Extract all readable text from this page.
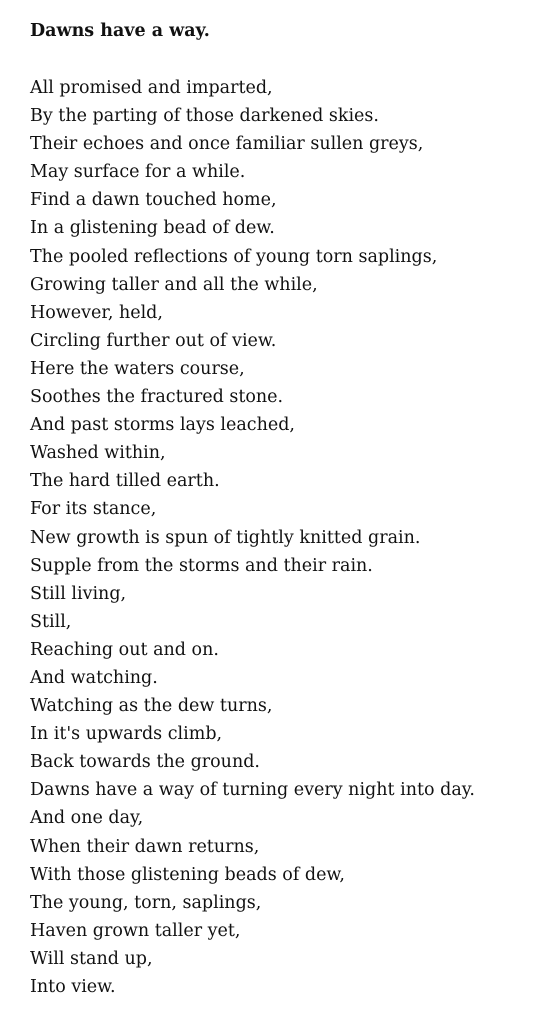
Dawns have a way.
All promised and imparted,
By the parting of those darkened skies.
Their echoes and once familiar sullen greys,
May surface for a while.
Find a dawn touched home,
In a glistening bead of dew.
The pooled reflections of young torn saplings,
Growing taller and all the while,
However, held,
Circling further out of view.
Here the waters course,
Soothes the fractured stone.
And past storms lays leached,
Washed within,
The hard tilled earth.
For its stance,
New growth is spun of tightly knitted grain.
Supple from the storms and their rain.
Still living,
Still,
Reaching out and on.
And watching.
Watching as the dew turns,
In it's upwards climb,
Back towards the ground.
Dawns have a way of turning every night into day.
And one day,
When their dawn returns,
With those glistening beads of dew,
The young, torn, saplings,
Haven grown taller yet,
Will stand up,
Into view.
